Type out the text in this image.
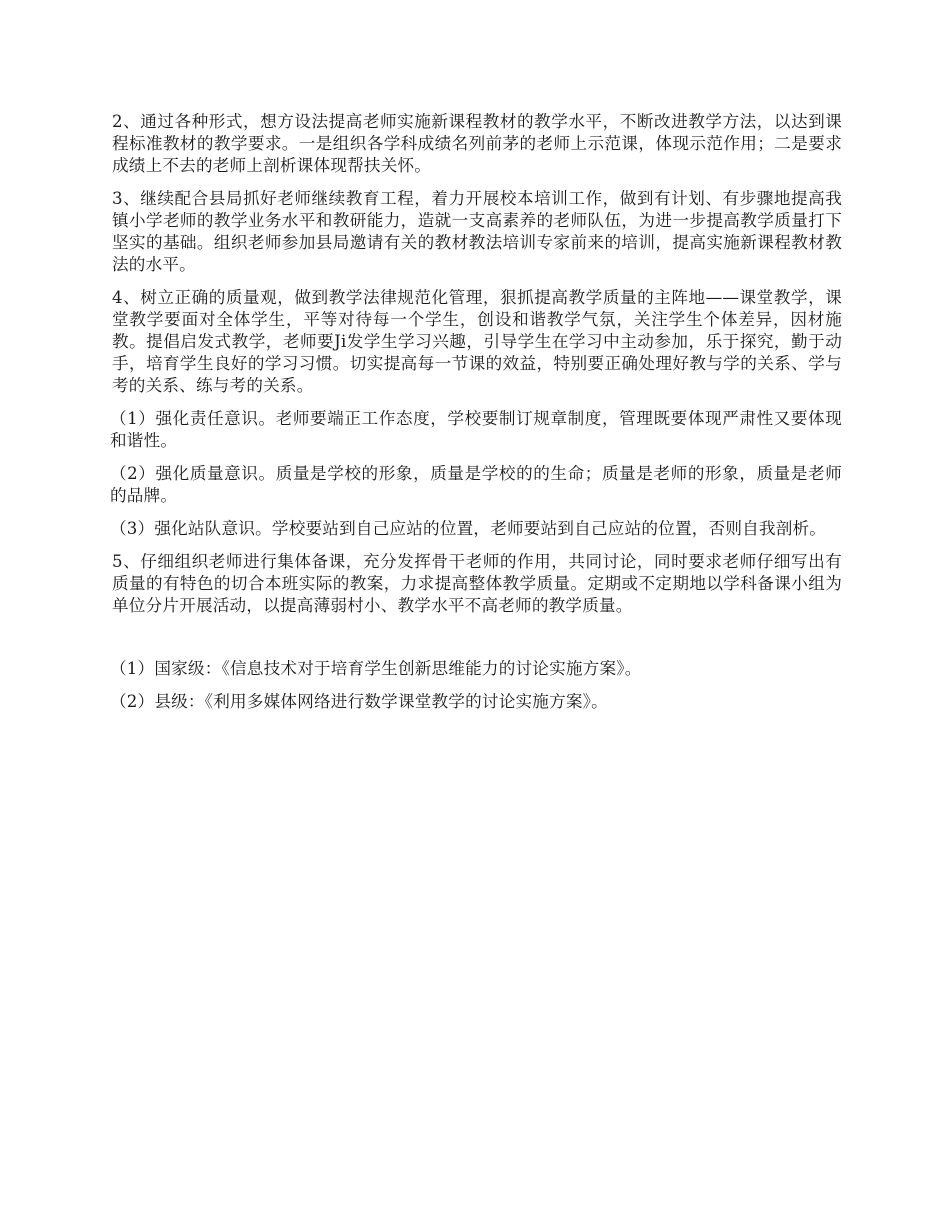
2、通过各种形式，想方设法提高老师实施新课程教材的教学水平，不断改进教学方法，以达到课程标准教材的教学要求。一是组织各学科成绩名列前茅的老师上示范课，体现示范作用；二是要求成绩上不去的老师上剖析课体现帮扶关怀。

3、继续配合县局抓好老师继续教育工程，着力开展校本培训工作，做到有计划、有步骤地提高我镇小学老师的教学业务水平和教研能力，造就一支高素养的老师队伍，为进一步提高教学质量打下坚实的基础。组织老师参加县局邀请有关的教材教法培训专家前来的培训，提高实施新课程教材教法的水平。

4、树立正确的质量观，做到教学法律规范化管理，狠抓提高教学质量的主阵地——课堂教学，课堂教学要面对全体学生，平等对待每一个学生，创设和谐教学气氛，关注学生个体差异，因材施教。提倡启发式教学，老师要Ji发学生学习兴趣，引导学生在学习中主动参加，乐于探究，勤于动手，培育学生良好的学习习惯。切实提高每一节课的效益，特别要正确处理好教与学的关系、学与考的关系、练与考的关系。

（1）强化责任意识。老师要端正工作态度，学校要制订规章制度，管理既要体现严肃性又要体现和谐性。

（2）强化质量意识。质量是学校的形象，质量是学校的的生命；质量是老师的形象，质量是老师的品牌。

（3）强化站队意识。学校要站到自己应站的位置，老师要站到自己应站的位置，否则自我剖析。

5、仔细组织老师进行集体备课，充分发挥骨干老师的作用，共同讨论，同时要求老师仔细写出有质量的有特色的切合本班实际的教案，力求提高整体教学质量。定期或不定期地以学科备课小组为单位分片开展活动，以提高薄弱村小、教学水平不高老师的教学质量。

（1）国家级：《信息技术对于培育学生创新思维能力的讨论实施方案》。

（2）县级：《利用多媒体网络进行数学课堂教学的讨论实施方案》。
